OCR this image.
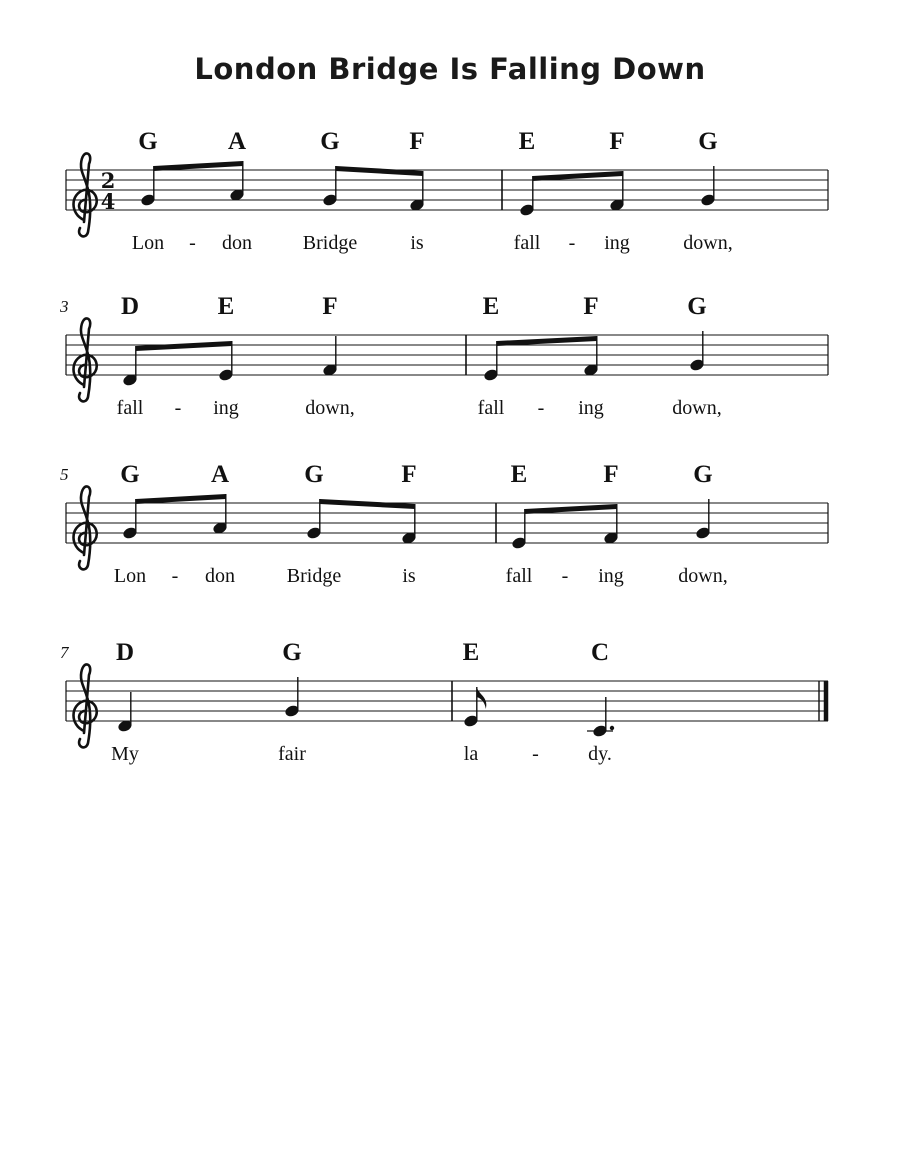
London Bridge Is Falling Down
2
4
G
Lon
A
don
G
Bridge
F
is
-
E
fall
F
ing
G
down,
-
3 D
fall
E
ing
F
down,
-
E
fall
F
ing
G
down,
-
5 G
Lon
A
don
G
Bridge
F
is
-
E
fall
F
ing
G
down,
-
7 D
My
G
fair
E
la
C
dy.
-
